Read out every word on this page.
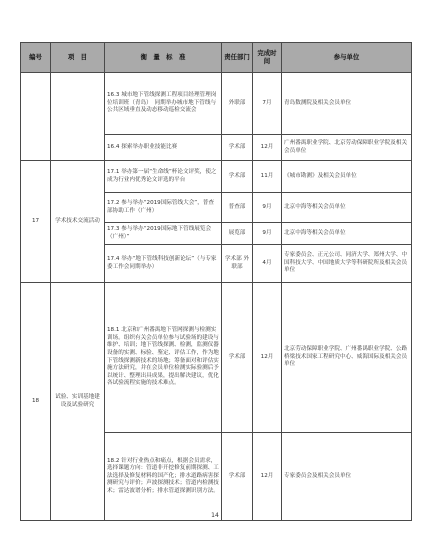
编号	项　目	衡　量　标　准	责任部门	完成时间	参与单位
		16.3 城市地下管线探测工程项目经理管理岗位培训班（青岛）　同期举办城市地下管线与公共区域垂直及动态移动巡检交流会	外联部	7月	青岛数测院及相关会员单位
		16.4 探索举办职业技能比赛	学术部	12月	广州番禺职业学院、北京劳动保障职业学院及相关会员单位
17	学术技术交流活动	17.1 举办第一届“生命线”杯论文评奖，使之成为行业内优秀论文评选的平台	学术部	11月	《城市勘测》及相关会员单位
		17.2 参与举办“2019国际管线大会”，普查部协助工作（广州）	普查部	9月	北京中海等相关会员单位
		17.3 参与举办“2019国际地下管线展览会（广州）”	展览部	9月	北京中海等相关会员单位
		17.4 举办“地下管线科技创新论坛”（与专家委工作会同期举办）	学术部 外联部	4月	专家委员会、正元公司、同济大学、郑州大学、中国科技大学、中国地质大学等科研院所及相关会员单位
18	试验、实训基地建设及试验研究	18.1 北京和广州番禺地下管网探测与检测实训场。组织有关会员单位参与试验场的建设与维护、培训；地下管线探测、检测，监测仪器设备的实测、标验、鉴定、评估工作，作为地下管线探测新技术的场地；筹备面对和评估实施方法研究，并在会员单位检测实际验测后予以统计、整理出具成果，提出解决建议，优化各试验流程实施的技术难点。	学术部	12月	北京劳动保障职业学院、广州番禺职业学院、公路桥梁技术国家工程研究中心、威海国际及相关会员单位
		18.2 针对行业热点和痛点，根据会员需求，选择课题方向：管道非开挖修复前期探测、工法选择及修复材料的国产化；排水道路病害探测研究与评价；声波探测技术；管道内检测技术；雷达波谱分析；排水管道探测识别方法。	学术部	12月	专家委员会及相关会员单位
14
